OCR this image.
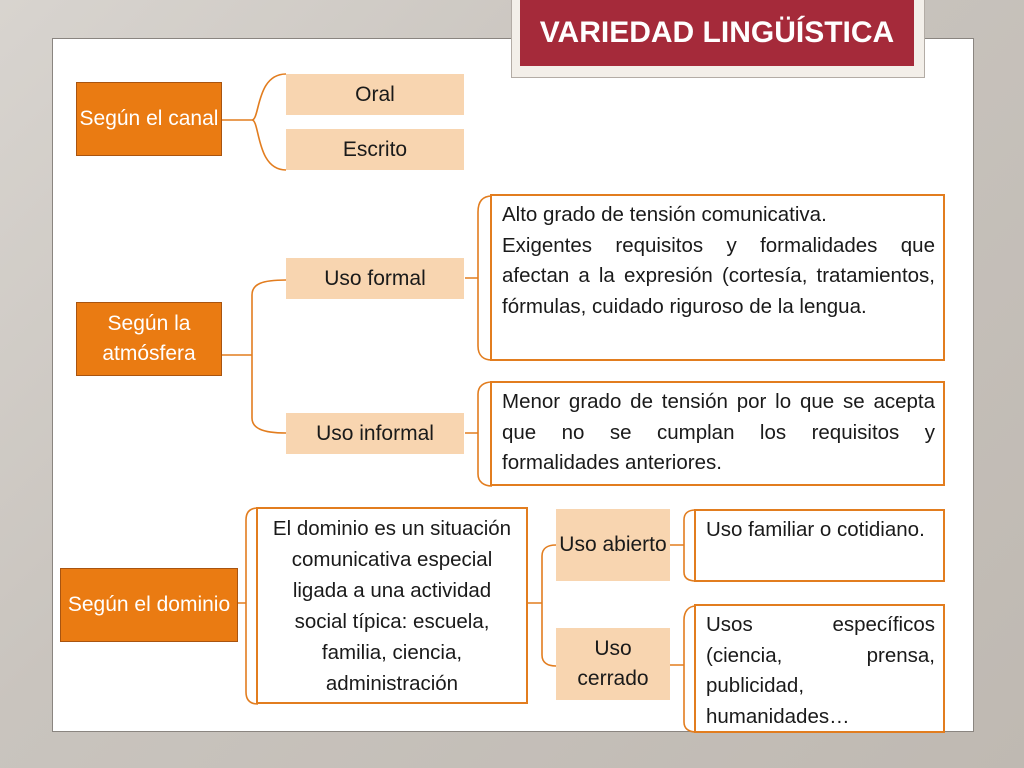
VARIEDAD LINGÜÍSTICA
Según el canal
Oral
Escrito
Según la atmósfera
Uso formal
Uso informal
Alto grado de tensión comunicativa.
Exigentes requisitos y formalidades que afectan a la expresión (cortesía, tratamientos, fórmulas, cuidado riguroso de la lengua.
Menor grado de tensión por lo que se acepta que no se cumplan los requisitos y formalidades anteriores.
Según el dominio
El dominio es un situación comunicativa especial ligada a una actividad social típica: escuela, familia, ciencia, administración
Uso abierto
Uso cerrado
Uso familiar o cotidiano.
Usos específicos (ciencia, prensa, publicidad, humanidades…
